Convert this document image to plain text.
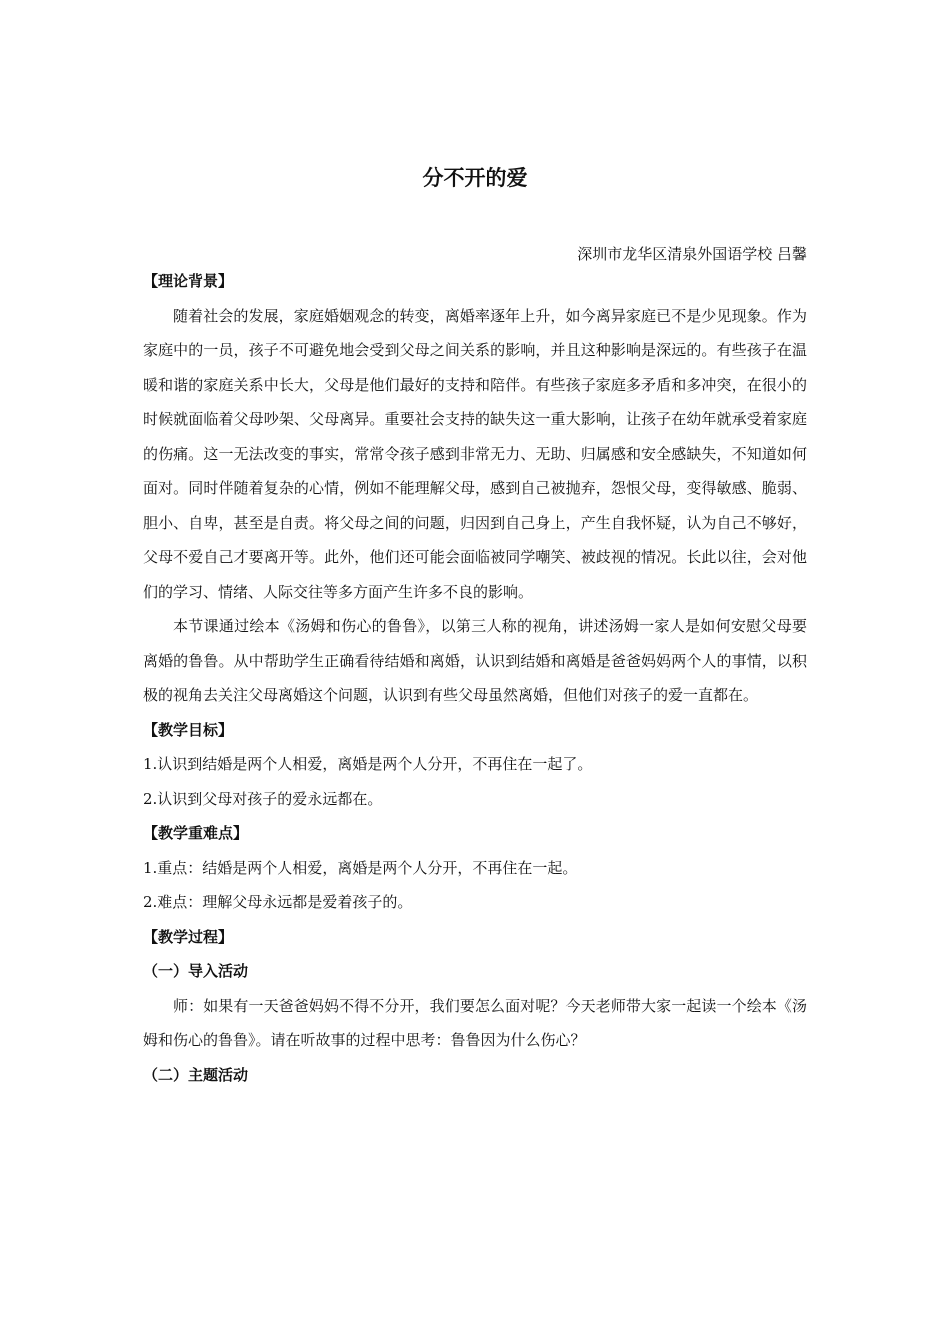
分不开的爱

深圳市龙华区清泉外国语学校 吕馨

【理论背景】

随着社会的发展，家庭婚姻观念的转变，离婚率逐年上升，如今离异家庭已不是少见现象。作为家庭中的一员，孩子不可避免地会受到父母之间关系的影响，并且这种影响是深远的。有些孩子在温暖和谐的家庭关系中长大，父母是他们最好的支持和陪伴。有些孩子家庭多矛盾和多冲突，在很小的时候就面临着父母吵架、父母离异。重要社会支持的缺失这一重大影响，让孩子在幼年就承受着家庭的伤痛。这一无法改变的事实，常常令孩子感到非常无力、无助、归属感和安全感缺失，不知道如何面对。同时伴随着复杂的心情，例如不能理解父母，感到自己被抛弃，怨恨父母，变得敏感、脆弱、胆小、自卑，甚至是自责。将父母之间的问题，归因到自己身上，产生自我怀疑，认为自己不够好，父母不爱自己才要离开等。此外，他们还可能会面临被同学嘲笑、被歧视的情况。长此以往，会对他们的学习、情绪、人际交往等多方面产生许多不良的影响。

本节课通过绘本《汤姆和伤心的鲁鲁》，以第三人称的视角，讲述汤姆一家人是如何安慰父母要离婚的鲁鲁。从中帮助学生正确看待结婚和离婚，认识到结婚和离婚是爸爸妈妈两个人的事情，以积极的视角去关注父母离婚这个问题，认识到有些父母虽然离婚，但他们对孩子的爱一直都在。

【教学目标】

1.认识到结婚是两个人相爱，离婚是两个人分开，不再住在一起了。

2.认识到父母对孩子的爱永远都在。

【教学重难点】

1.重点：结婚是两个人相爱，离婚是两个人分开，不再住在一起。

2.难点：理解父母永远都是爱着孩子的。

【教学过程】

（一）导入活动

师：如果有一天爸爸妈妈不得不分开，我们要怎么面对呢？今天老师带大家一起读一个绘本《汤姆和伤心的鲁鲁》。请在听故事的过程中思考：鲁鲁因为什么伤心？

（二）主题活动
